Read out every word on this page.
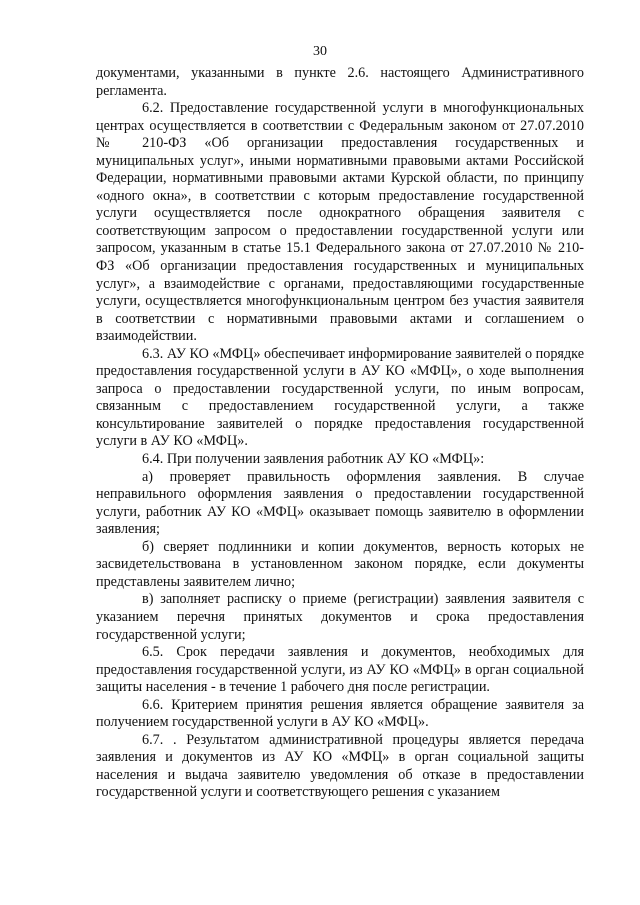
30

документами, указанными в пункте 2.6. настоящего Административного регламента.

6.2. Предоставление государственной услуги в многофункциональных центрах осуществляется в соответствии с Федеральным законом от 27.07.2010 № 210-ФЗ «Об организации предоставления государственных и муниципальных услуг», иными нормативными правовыми актами Российской Федерации, нормативными правовыми актами Курской области, по принципу «одного окна», в соответствии с которым предоставление государственной услуги осуществляется после однократного обращения заявителя с соответствующим запросом о предоставлении государственной услуги или запросом, указанным в статье 15.1 Федерального закона от 27.07.2010 № 210-ФЗ «Об организации предоставления государственных и муниципальных услуг», а взаимодействие с органами, предоставляющими государственные услуги, осуществляется многофункциональным центром без участия заявителя в соответствии с нормативными правовыми актами и соглашением о взаимодействии.

6.3. АУ КО «МФЦ» обеспечивает информирование заявителей о порядке предоставления государственной услуги в АУ КО «МФЦ», о ходе выполнения запроса о предоставлении государственной услуги, по иным вопросам, связанным с предоставлением государственной услуги, а также консультирование заявителей о порядке предоставления государственной услуги в АУ КО «МФЦ».

6.4. При получении заявления работник АУ КО «МФЦ»:

а) проверяет правильность оформления заявления. В случае неправильного оформления заявления о предоставлении государственной услуги, работник АУ КО «МФЦ» оказывает помощь заявителю в оформлении заявления;

б) сверяет подлинники и копии документов, верность которых не засвидетельствована в установленном законом порядке, если документы представлены заявителем лично;

в) заполняет расписку о приеме (регистрации) заявления заявителя с указанием перечня принятых документов и срока предоставления государственной услуги;

6.5. Срок передачи заявления и документов, необходимых для предоставления государственной услуги, из АУ КО «МФЦ» в орган социальной защиты населения - в течение 1 рабочего дня после регистрации.

6.6. Критерием принятия решения является обращение заявителя за получением государственной услуги в АУ КО «МФЦ».

6.7. . Результатом административной процедуры является передача заявления и документов из АУ КО «МФЦ» в орган социальной защиты населения и выдача заявителю уведомления об отказе в предоставлении государственной услуги и соответствующего решения с указанием
